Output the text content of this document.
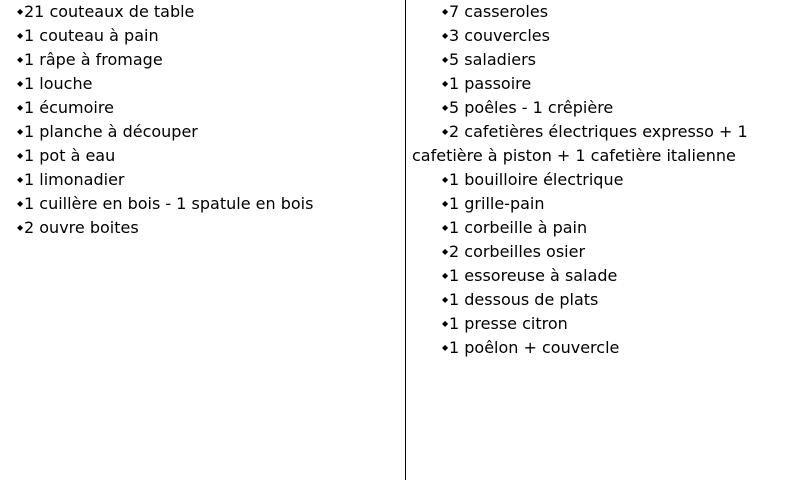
◆21 couteaux de table
◆1 couteau à pain
◆1 râpe à fromage
◆1 louche
◆1 écumoire
◆1 planche à découper
◆1 pot à eau
◆1 limonadier
◆1 cuillère en bois - 1 spatule en bois
◆2 ouvre boites
◆7 casseroles
◆3 couvercles
◆5 saladiers
◆1 passoire
◆5 poêles - 1 crêpière
◆2 cafetières électriques expresso + 1 cafetière à piston + 1 cafetière italienne
◆1 bouilloire électrique
◆1 grille-pain
◆1 corbeille à pain
◆2 corbeilles osier
◆1 essoreuse à salade
◆1 dessous de plats
◆1 presse citron
◆1 poêlon + couvercle
